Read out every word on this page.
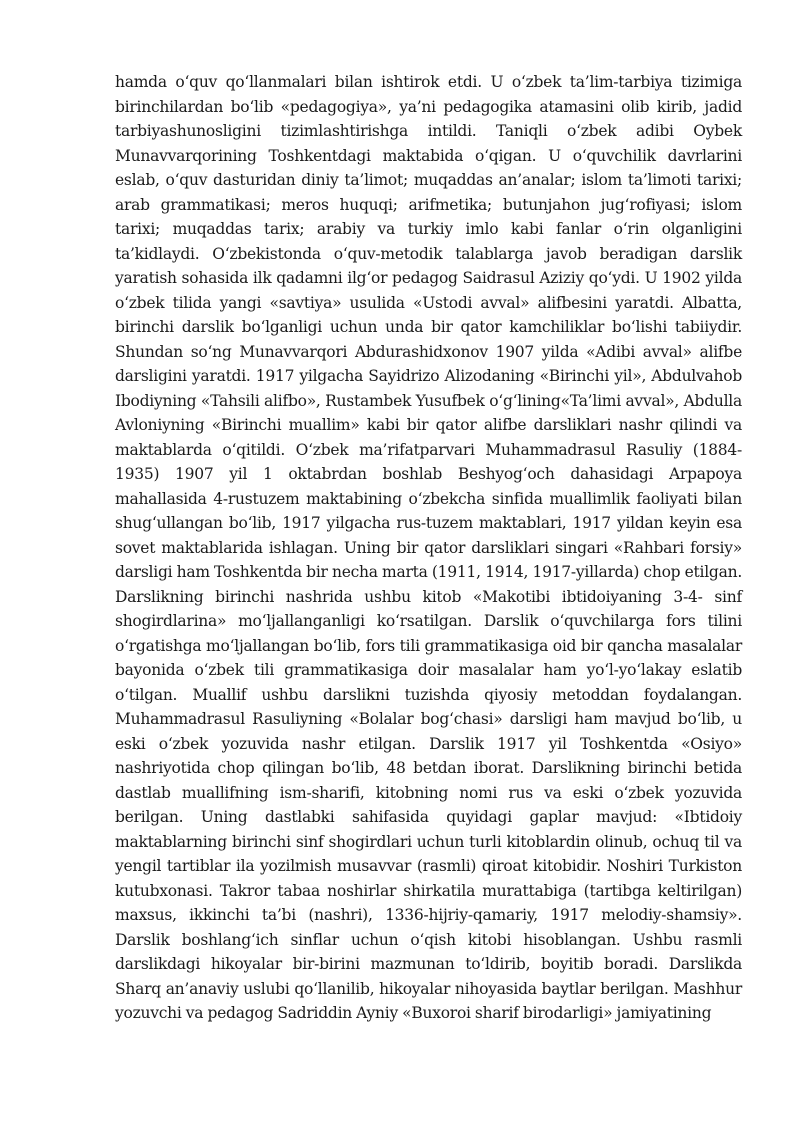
hamda o‘quv qo‘llanmalari bilan ishtirok etdi. U o‘zbek ta’lim-tarbiya tizimiga birinchilardan bo‘lib «pedagogiya», ya’ni pedagogika atamasini olib kirib, jadid tarbiyashunosligini tizimlashtirishga intildi. Taniqli o‘zbek adibi Oybek Munavvarqorining Toshkentdagi maktabida o‘qigan. U o‘quvchilik davrlarini eslab, o‘quv dasturidan diniy ta’limot; muqaddas an’analar; islom ta’limoti tarixi; arab grammatikasi; meros huquqi; arifmetika; butunjahon jug‘rofiyasi; islom tarixi; muqaddas tarix; arabiy va turkiy imlo kabi fanlar o‘rin olganligini ta’kidlaydi. O‘zbekistonda o‘quv-metodik talablarga javob beradigan darslik yaratish sohasida ilk qadamni ilg‘or pedagog Saidrasul Aziziy qo‘ydi. U 1902 yilda o‘zbek tilida yangi «savtiya» usulida «Ustodi avval» alifbesini yaratdi. Albatta, birinchi darslik bo‘lganligi uchun unda bir qator kamchiliklar bo‘lishi tabiiydir. Shundan so‘ng Munavvarqori Abdurashidxonov 1907 yilda «Adibi avval» alifbe darsligini yaratdi. 1917 yilgacha Sayidrizo Alizodaning «Birinchi yil», Abdulvahob Ibodiyning «Tahsili alifbo», Rustambek Yusufbek o‘g‘lining«Ta’limi avval», Abdulla Avloniyning «Birinchi muallim» kabi bir qator alifbe darsliklari nashr qilindi va maktablarda o‘qitildi. O‘zbek ma’rifatparvari Muhammadrasul Rasuliy (1884-1935) 1907 yil 1 oktabrdan boshlab Beshyog‘och dahasidagi Arpapoya mahallasida 4-rustuzem maktabining o‘zbekcha sinfida muallimlik faoliyati bilan shug‘ullangan bo‘lib, 1917 yilgacha rus-tuzem maktablari, 1917 yildan keyin esa sovet maktablarida ishlagan. Uning bir qator darsliklari singari «Rahbari forsiy» darsligi ham Toshkentda bir necha marta (1911, 1914, 1917-yillarda) chop etilgan. Darslikning birinchi nashrida ushbu kitob «Makotibi ibtidoiyaning 3-4- sinf shogirdlarina» mo‘ljallanganligi ko‘rsatilgan. Darslik o‘quvchilarga fors tilini o‘rgatishga mo‘ljallangan bo‘lib, fors tili grammatikasiga oid bir qancha masalalar bayonida o‘zbek tili grammatikasiga doir masalalar ham yo‘l-yo‘lakay eslatib o‘tilgan. Muallif ushbu darslikni tuzishda qiyosiy metoddan foydalangan. Muhammadrasul Rasuliyning «Bolalar bog‘chasi» darsligi ham mavjud bo‘lib, u eski o‘zbek yozuvida nashr etilgan. Darslik 1917 yil Toshkentda «Osiyo» nashriyotida chop qilingan bo‘lib, 48 betdan iborat. Darslikning birinchi betida dastlab muallifning ism-sharifi, kitobning nomi rus va eski o‘zbek yozuvida berilgan. Uning dastlabki sahifasida quyidagi gaplar mavjud: «Ibtidoiy maktablarning birinchi sinf shogirdlari uchun turli kitoblardin olinub, ochuq til va yengil tartiblar ila yozilmish musavvar (rasmli) qiroat kitobidir. Noshiri Turkiston kutubxonasi. Takror tabaa noshirlar shirkatila murattabiga (tartibga keltirilgan) maxsus, ikkinchi ta’bi (nashri), 1336-hijriy-qamariy, 1917 melodiy-shamsiy». Darslik boshlang‘ich sinflar uchun o‘qish kitobi hisoblangan. Ushbu rasmli darslikdagi hikoyalar bir-birini mazmunan to‘ldirib, boyitib boradi. Darslikda Sharq an’anaviy uslubi qo‘llanilib, hikoyalar nihoyasida baytlar berilgan. Mashhur yozuvchi va pedagog Sadriddin Ayniy «Buxoroi sharif birodarligi» jamiyatining
